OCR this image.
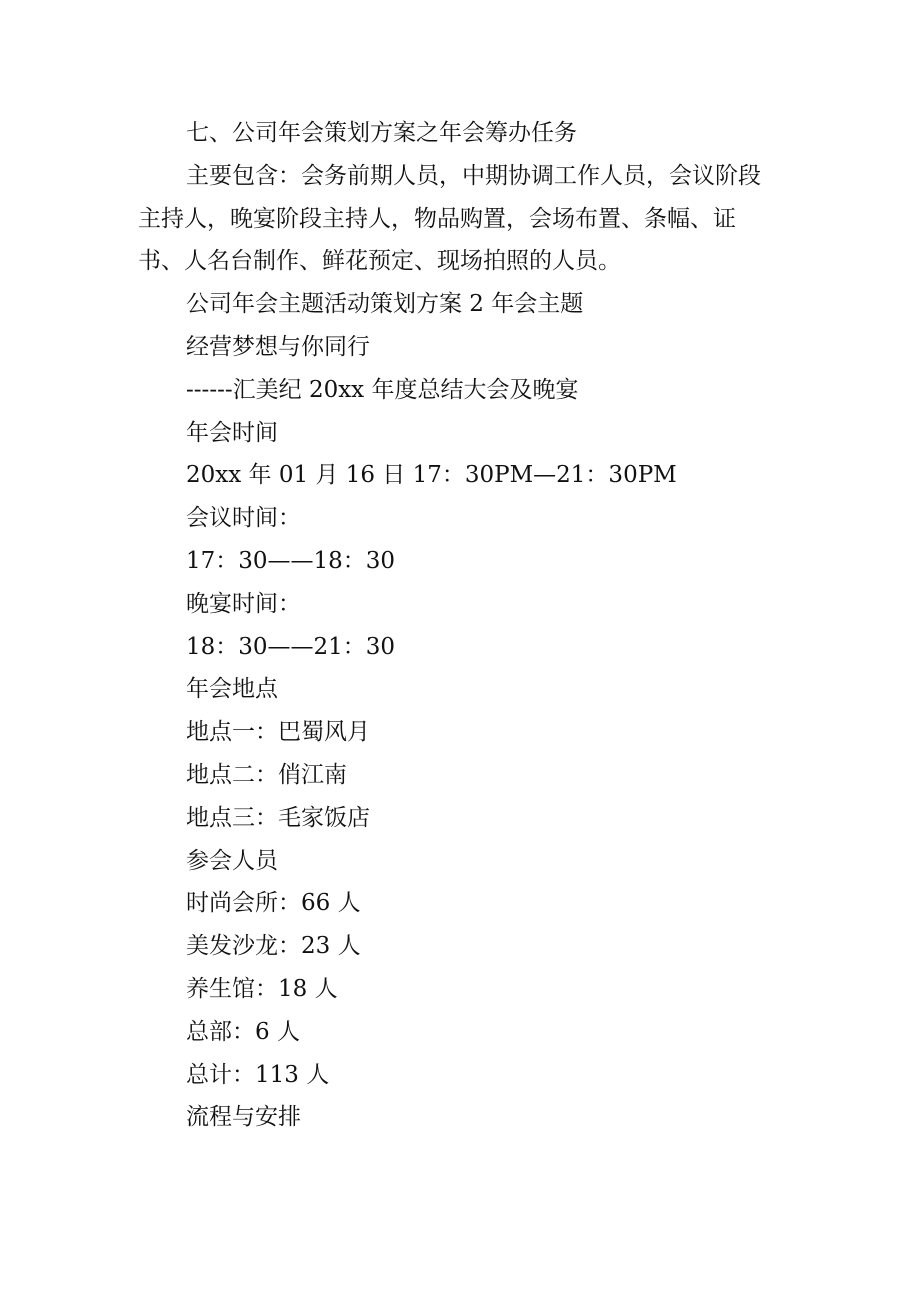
七、公司年会策划方案之年会筹办任务
主要包含：会务前期人员，中期协调工作人员，会议阶段
主持人，晚宴阶段主持人，物品购置，会场布置、条幅、证
书、人名台制作、鲜花预定、现场拍照的人员。
公司年会主题活动策划方案 2 年会主题
经营梦想与你同行
------汇美纪 20xx 年度总结大会及晚宴
年会时间
20xx 年 01 月 16 日 17：30PM—21：30PM
会议时间：
17：30——18：30
晚宴时间：
18：30——21：30
年会地点
地点一：巴蜀风月
地点二：俏江南
地点三：毛家饭店
参会人员
时尚会所：66 人
美发沙龙：23 人
养生馆：18 人
总部：6 人
总计：113 人
流程与安排
